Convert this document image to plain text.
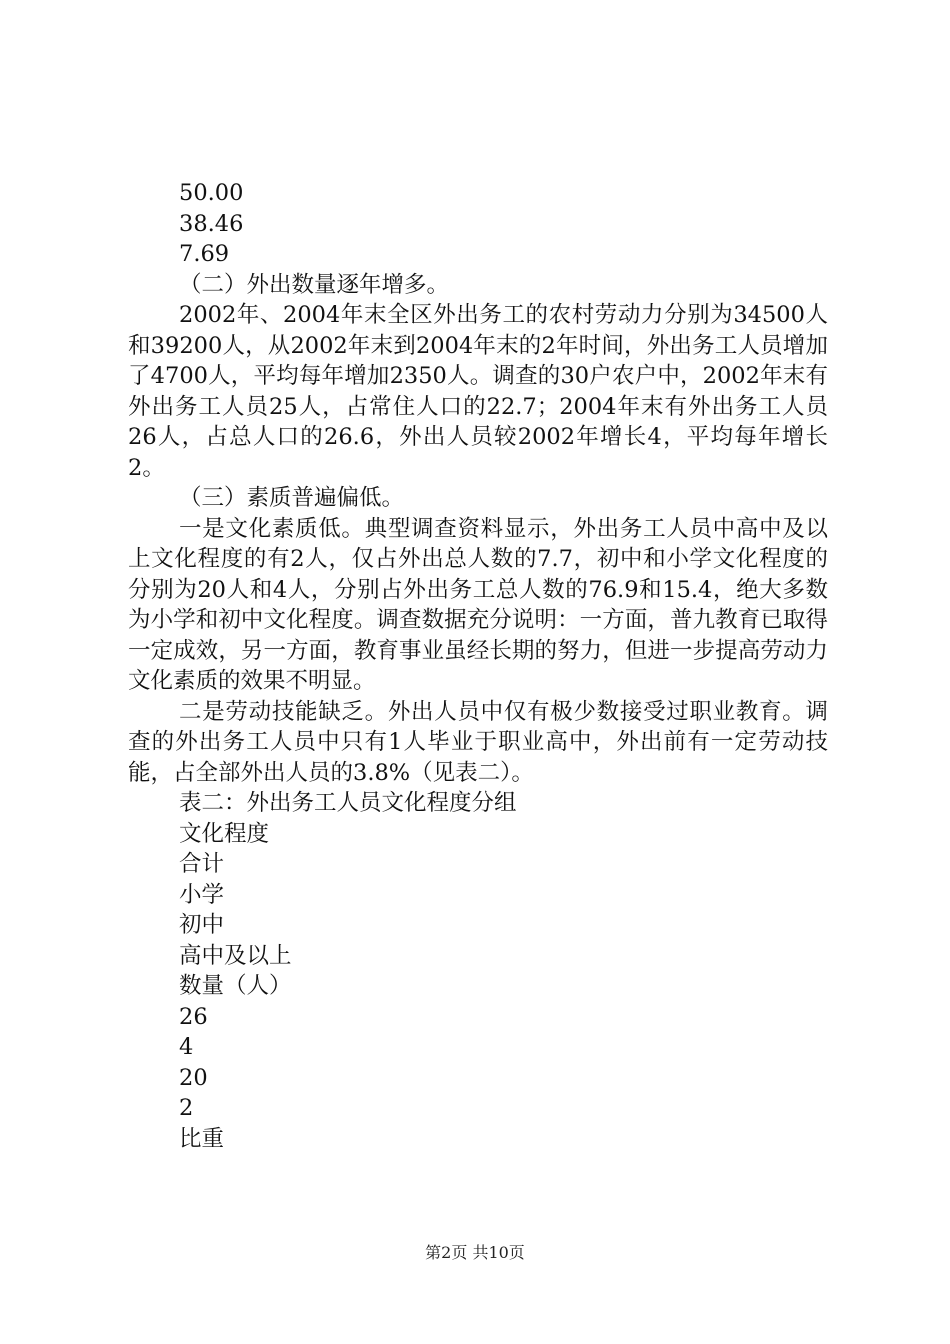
50.00

38.46

7.69

（二）外出数量逐年增多。

2002年、2004年末全区外出务工的农村劳动力分别为34500人和39200人，从2002年末到2004年末的2年时间，外出务工人员增加了4700人，平均每年增加2350人。调查的30户农户中，2002年末有外出务工人员25人，占常住人口的22.7；2004年末有外出务工人员26人，占总人口的26.6，外出人员较2002年增长4，平均每年增长2。

（三）素质普遍偏低。

一是文化素质低。典型调查资料显示，外出务工人员中高中及以上文化程度的有2人，仅占外出总人数的7.7，初中和小学文化程度的分别为20人和4人，分别占外出务工总人数的76.9和15.4，绝大多数为小学和初中文化程度。调查数据充分说明：一方面，普九教育已取得一定成效，另一方面，教育事业虽经长期的努力，但进一步提高劳动力文化素质的效果不明显。

二是劳动技能缺乏。外出人员中仅有极少数接受过职业教育。调查的外出务工人员中只有1人毕业于职业高中，外出前有一定劳动技能，占全部外出人员的3.8%（见表二）。

表二：外出务工人员文化程度分组

文化程度

合计

小学

初中

高中及以上

数量（人）

26

4

20

2

比重

第2页 共10页
